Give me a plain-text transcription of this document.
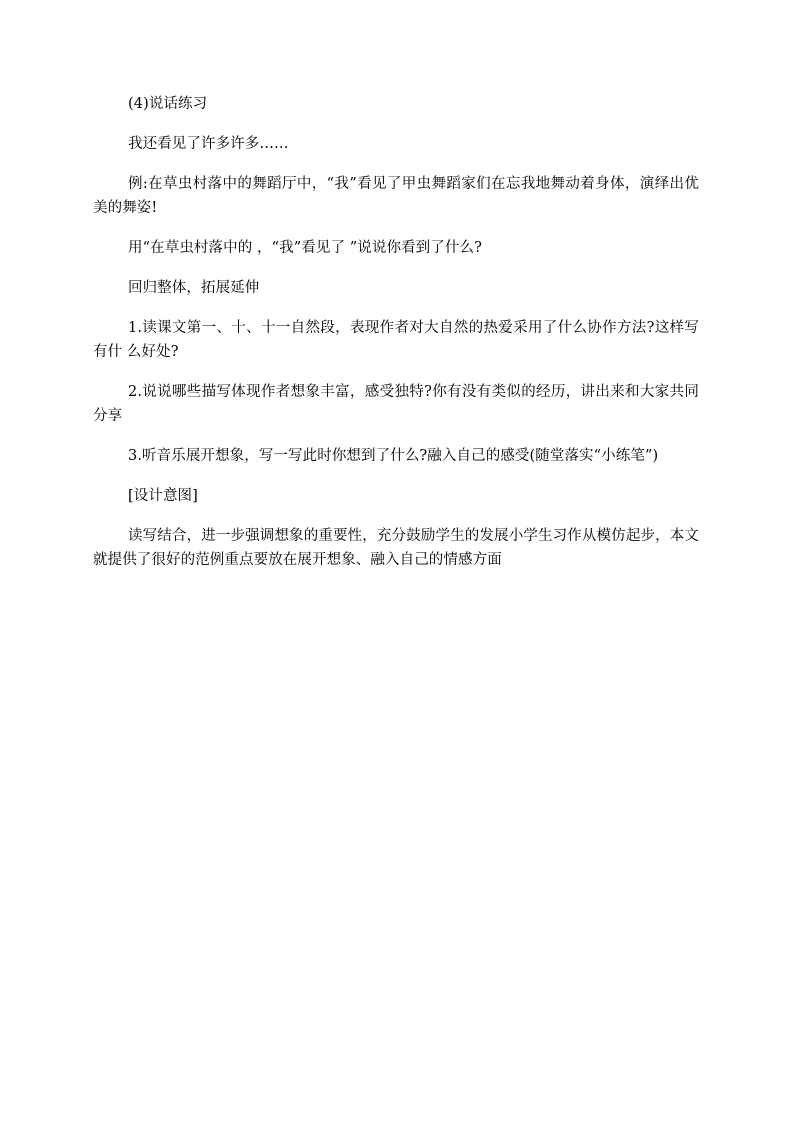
(4)说话练习

我还看见了许多许多……

例:在草虫村落中的舞蹈厅中，“我”看见了甲虫舞蹈家们在忘我地舞动着身体，演绎出优美的舞姿!

用“在草虫村落中的 ，“我”看见了 ”说说你看到了什么?

回归整体，拓展延伸

1.读课文第一、十、十一自然段，表现作者对大自然的热爱采用了什么协作方法?这样写有什 么好处?

2.说说哪些描写体现作者想象丰富，感受独特?你有没有类似的经历，讲出来和大家共同分享

3.听音乐展开想象，写一写此时你想到了什么?融入自己的感受(随堂落实“小练笔”)

[设计意图]

读写结合，进一步强调想象的重要性，充分鼓励学生的发展小学生习作从模仿起步，本文就提供了很好的范例重点要放在展开想象、融入自己的情感方面
